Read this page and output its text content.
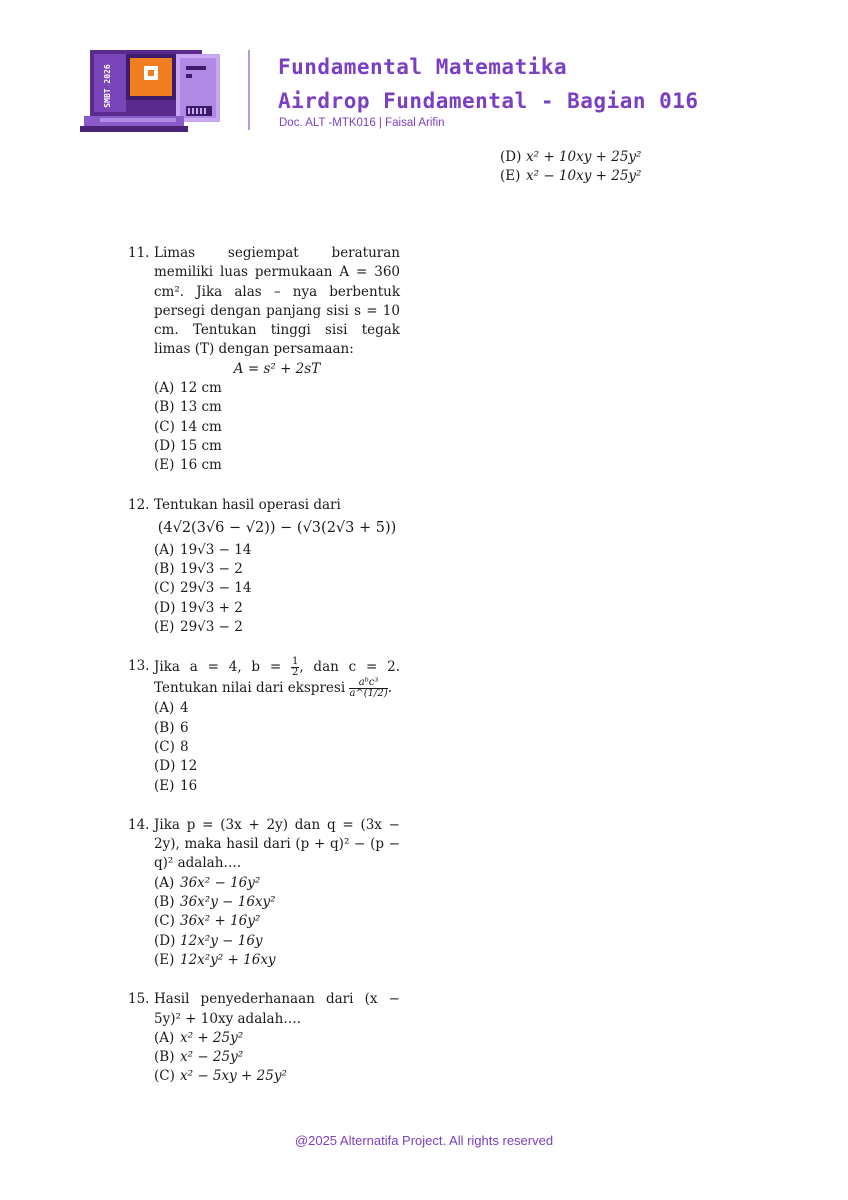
SMBT 2026	Fundamental Matematika
Airdrop Fundamental - Bagian 016
Doc. ALT -MTK016 | Faisal Arifin
(D) x² + 10xy + 25y²
(E) x² − 10xy + 25y²
11. Limas segiempat beraturan memiliki luas permukaan A = 360 cm². Jika alas – nya berbentuk persegi dengan panjang sisi s = 10 cm. Tentukan tinggi sisi tegak limas (T) dengan persamaan:
A = s² + 2sT
(A) 12 cm
(B) 13 cm
(C) 14 cm
(D) 15 cm
(E) 16 cm
12. Tentukan hasil operasi dari
(4√2(3√6 − √2)) − (√3(2√3 + 5))
(A) 19√3 − 14
(B) 19√3 − 2
(C) 29√3 − 14
(D) 19√3 + 2
(E) 29√3 − 2
13. Jika a = 4, $b = \frac{1}{2}$ , dan c = 2. Tentukan nilai dari ekspresi $\frac{\text{aᵇc³}}{a\^{}(1/2)}$ .
(A) 4
(B) 6
(C) 8
(D) 12
(E) 16
14. Jika p = (3x + 2y) dan q = (3x − 2y), maka hasil dari (p + q)² − (p − q)² adalah….
(A) 36x² − 16y²
(B) 36x²y − 16xy²
(C) 36x² + 16y²
(D) 12x²y − 16y
(E) 12x²y² + 16xy
15. Hasil penyederhanaan dari (x − 5y)² + 10xy adalah….
(A) x² + 25y²
(B) x² − 25y²
(C) x² − 5xy + 25y²
@2025 Alternatifa Project. All rights reserved
